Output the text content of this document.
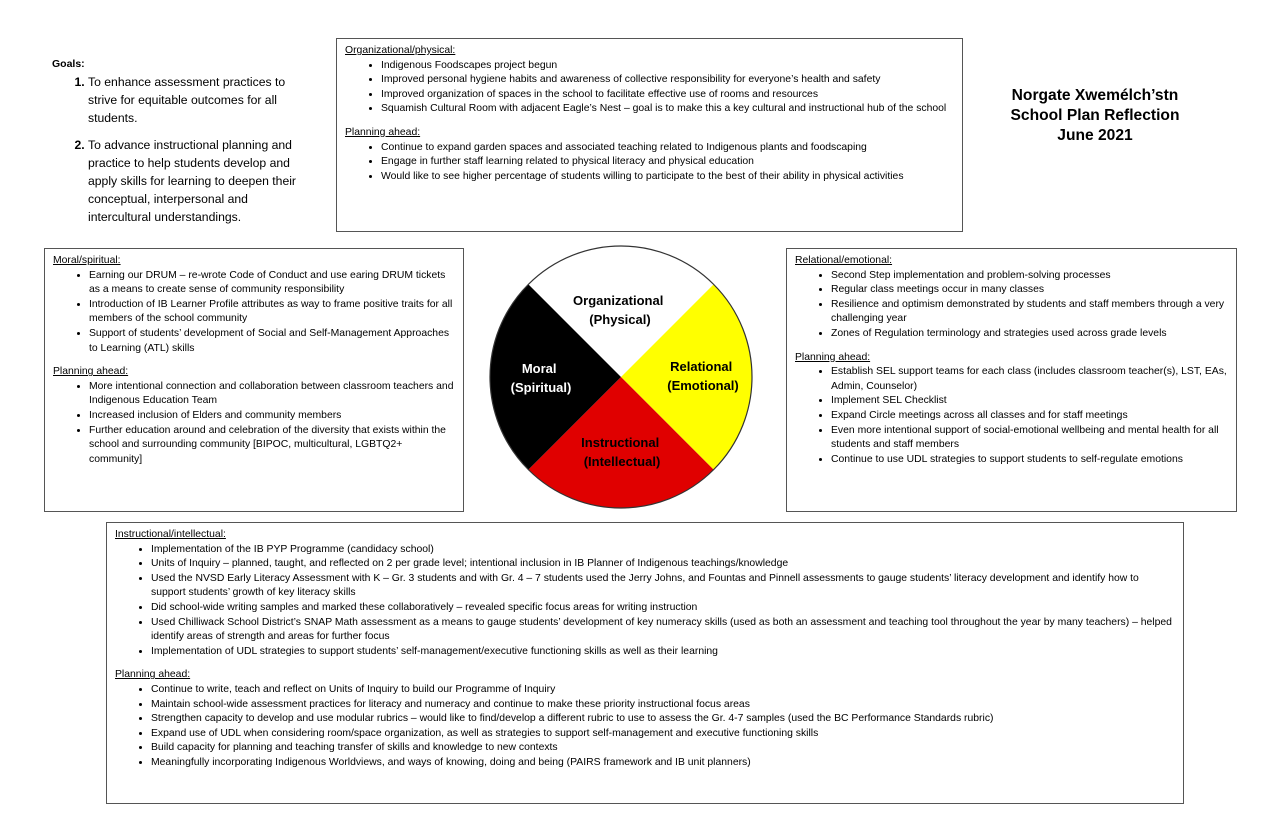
Goals:

1. To enhance assessment practices to strive for equitable outcomes for all students.
2. To advance instructional planning and practice to help students develop and apply skills for learning to deepen their conceptual, interpersonal and intercultural understandings.
Norgate Xwemélch’stn
School Plan Reflection
June 2021

Organizational/physical:

• Indigenous Foodscapes project begun
• Improved personal hygiene habits and awareness of collective responsibility for everyone’s health and safety
• Improved organization of spaces in the school to facilitate effective use of rooms and resources
• Squamish Cultural Room with adjacent Eagle’s Nest – goal is to make this a key cultural and instructional hub of the school

Planning ahead:

• Continue to expand garden spaces and associated teaching related to Indigenous plants and foodscaping
• Engage in further staff learning related to physical literacy and physical education
• Would like to see higher percentage of students willing to participate to the best of their ability in physical activities

Moral/spiritual:

• Earning our DRUM – re-wrote Code of Conduct and use earing DRUM tickets as a means to create sense of community responsibility
• Introduction of IB Learner Profile attributes as way to frame positive traits for all members of the school community
• Support of students’ development of Social and Self-Management Approaches to Learning (ATL) skills

Planning ahead:

• More intentional connection and collaboration between classroom teachers and Indigenous Education Team
• Increased inclusion of Elders and community members
• Further education around and celebration of the diversity that exists within the school and surrounding community [BIPOC, multicultural, LGBTQ2+ community]

Relational/emotional:

• Second Step implementation and problem-solving processes
• Regular class meetings occur in many classes
• Resilience and optimism demonstrated by students and staff members through a very challenging year
• Zones of Regulation terminology and strategies used across grade levels

Planning ahead:

• Establish SEL support teams for each class (includes classroom teacher(s), LST, EAs, Admin, Counselor)
• Implement SEL Checklist
• Expand Circle meetings across all classes and for staff meetings
• Even more intentional support of social-emotional wellbeing and mental health for all students and staff members
• Continue to use UDL strategies to support students to self-regulate emotions
Organizational (Physical)
Relational (Emotional)
Instructional (Intellectual)
Moral (Spiritual)

Instructional/intellectual:

• Implementation of the IB PYP Programme (candidacy school)
• Units of Inquiry – planned, taught, and reflected on 2 per grade level; intentional inclusion in IB Planner of Indigenous teachings/knowledge
• Used the NVSD Early Literacy Assessment with K – Gr. 3 students and with Gr. 4 – 7 students used the Jerry Johns, and Fountas and Pinnell assessments to gauge students’ literacy development and identify how to support students’ growth of key literacy skills
• Did school-wide writing samples and marked these collaboratively – revealed specific focus areas for writing instruction
• Used Chilliwack School District’s SNAP Math assessment as a means to gauge students’ development of key numeracy skills (used as both an assessment and teaching tool throughout the year by many teachers) – helped identify areas of strength and areas for further focus
• Implementation of UDL strategies to support students’ self-management/executive functioning skills as well as their learning

Planning ahead:

• Continue to write, teach and reflect on Units of Inquiry to build our Programme of Inquiry
• Maintain school-wide assessment practices for literacy and numeracy and continue to make these priority instructional focus areas
• Strengthen capacity to develop and use modular rubrics – would like to find/develop a different rubric to use to assess the Gr. 4-7 samples (used the BC Performance Standards rubric)
• Expand use of UDL when considering room/space organization, as well as strategies to support self-management and executive functioning skills
• Build capacity for planning and teaching transfer of skills and knowledge to new contexts
• Meaningfully incorporating Indigenous Worldviews, and ways of knowing, doing and being (PAIRS framework and IB unit planners)
